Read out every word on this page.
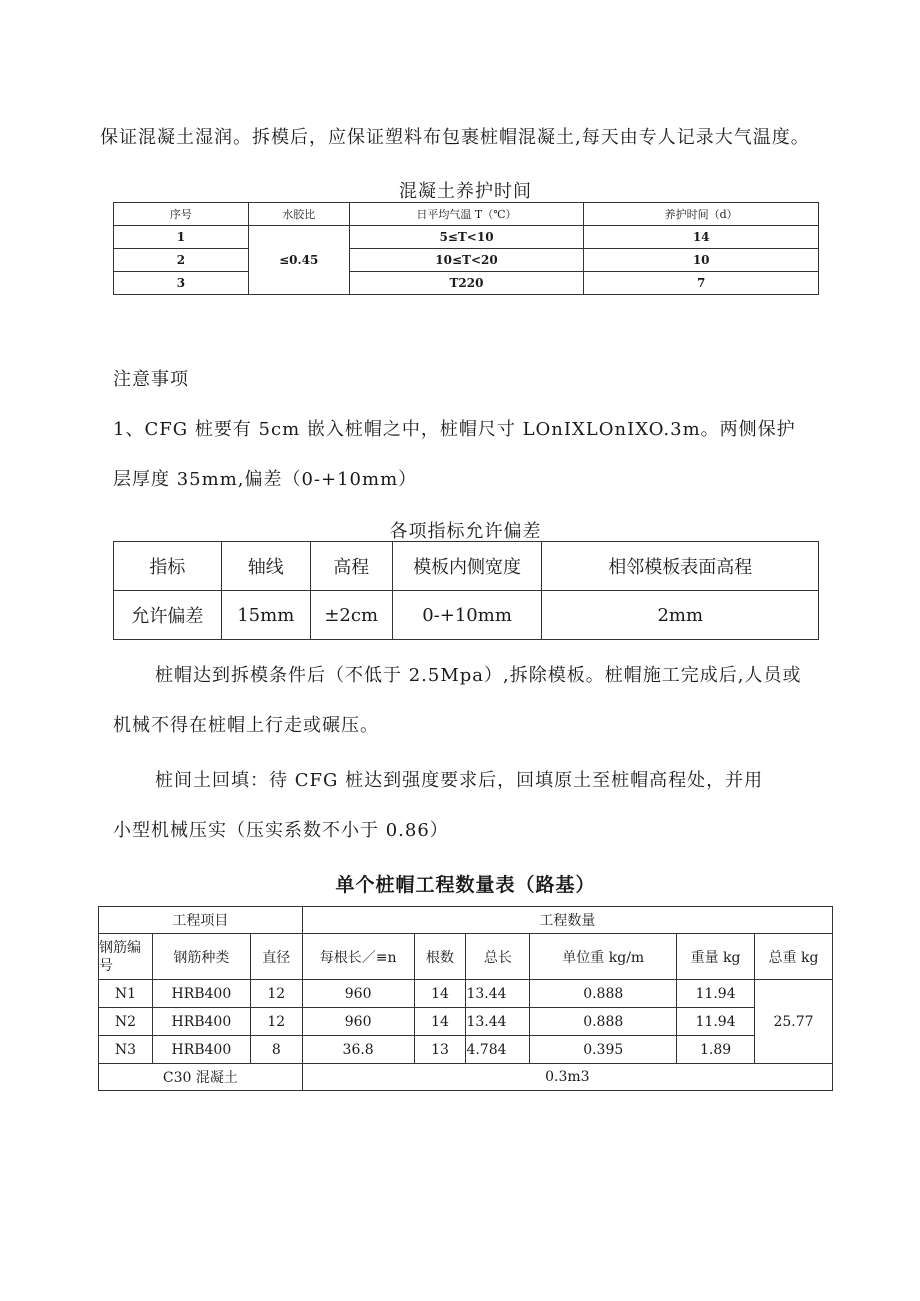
保证混凝土湿润。拆模后，应保证塑料布包裹桩帽混凝土,每天由专人记录大气温度。
混凝土养护时间
序号	水胶比	日平均气温 T（℃）	养护时间（d）
1	≤0.45	5≤T<10	14
2		10≤T<20	10
3		T220	7
注意事项
1、CFG 桩要有 5cm 嵌入桩帽之中，桩帽尺寸 LOnIXLOnIXO.3m。两侧保护
层厚度 35mm,偏差（0-+10mm）
各项指标允许偏差
指标	轴线	高程	模板内侧宽度	相邻模板表面高程
允许偏差	15mm	±2cm	0-+10mm	2mm
桩帽达到拆模条件后（不低于 2.5Mpa）,拆除模板。桩帽施工完成后,人员或
机械不得在桩帽上行走或碾压。
桩间土回填：待 CFG 桩达到强度要求后，回填原土至桩帽高程处，并用
小型机械压实（压实系数不小于 0.86）
单个桩帽工程数量表（路基）
工程项目			工程数量					
钢筋编号	钢筋种类	直径	每根长／≡n	根数	总长	单位重 kg/m	重量 kg	总重 kg
N1	HRB400	12	960	14	13.44	0.888	11.94	25.77
N2	HRB400	12	960	14	13.44	0.888	11.94	
N3	HRB400	8	36.8	13	4.784	0.395	1.89	
C30 混凝土			0.3m3					
